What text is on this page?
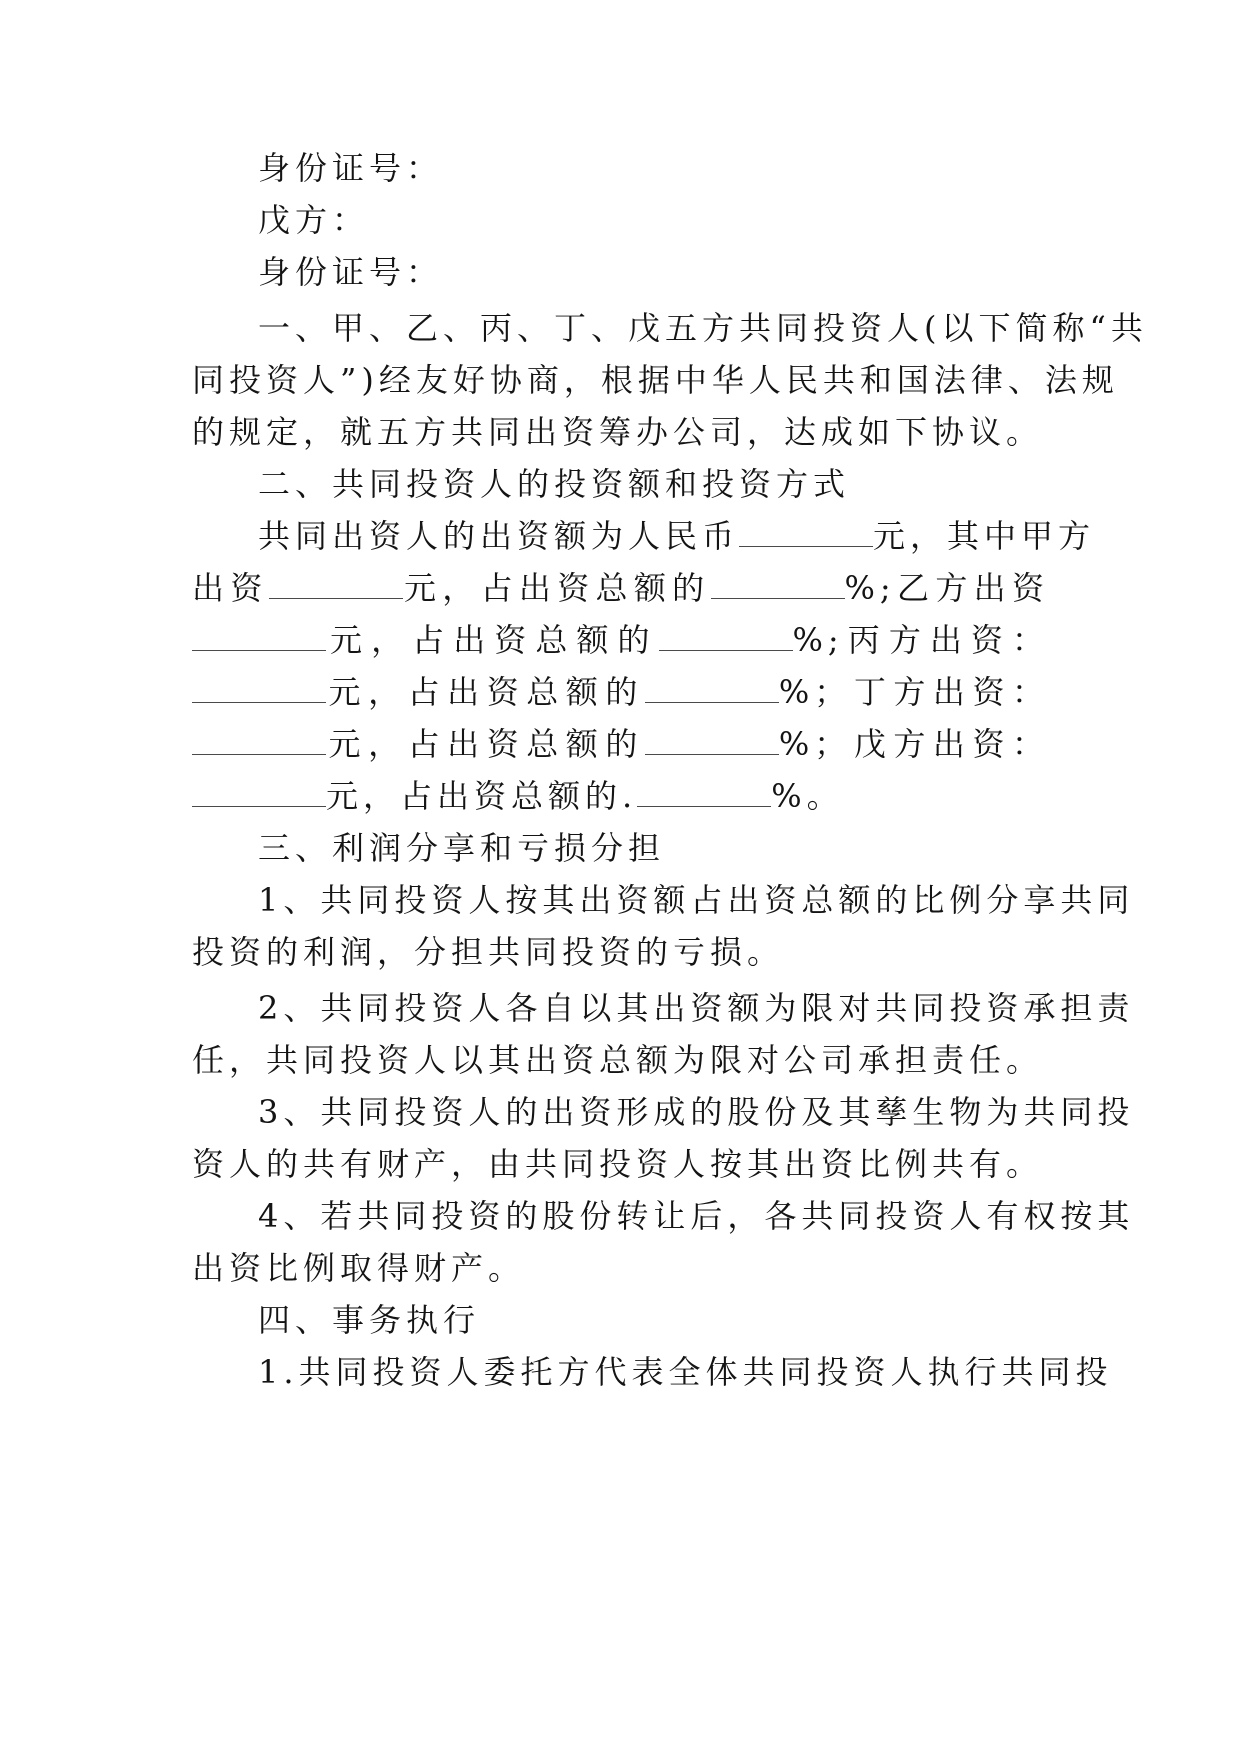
身份证号：

戊方：

身份证号：

一、甲、乙、丙、丁、戊五方共同投资人(以下简称“共

同投资人”)经友好协商，根据中华人民共和国法律、法规

的规定，就五方共同出资筹办公司，达成如下协议。

二、共同投资人的投资额和投资方式

共同出资人的出资额为人民币	元，其中甲方

出资	元，占出资总额的	%;乙方出资

元，占出资总额的	%;丙方出资：

元，占出资总额的	%；丁方出资：

元，占出资总额的	%；戊方出资：

元，占出资总额的.	%。

三、利润分享和亏损分担

1、共同投资人按其出资额占出资总额的比例分享共同

投资的利润，分担共同投资的亏损。

2、共同投资人各自以其出资额为限对共同投资承担责

任，共同投资人以其出资总额为限对公司承担责任。

3、共同投资人的出资形成的股份及其孳生物为共同投

资人的共有财产，由共同投资人按其出资比例共有。

4、若共同投资的股份转让后，各共同投资人有权按其

出资比例取得财产。

四、事务执行

1.共同投资人委托方代表全体共同投资人执行共同投
